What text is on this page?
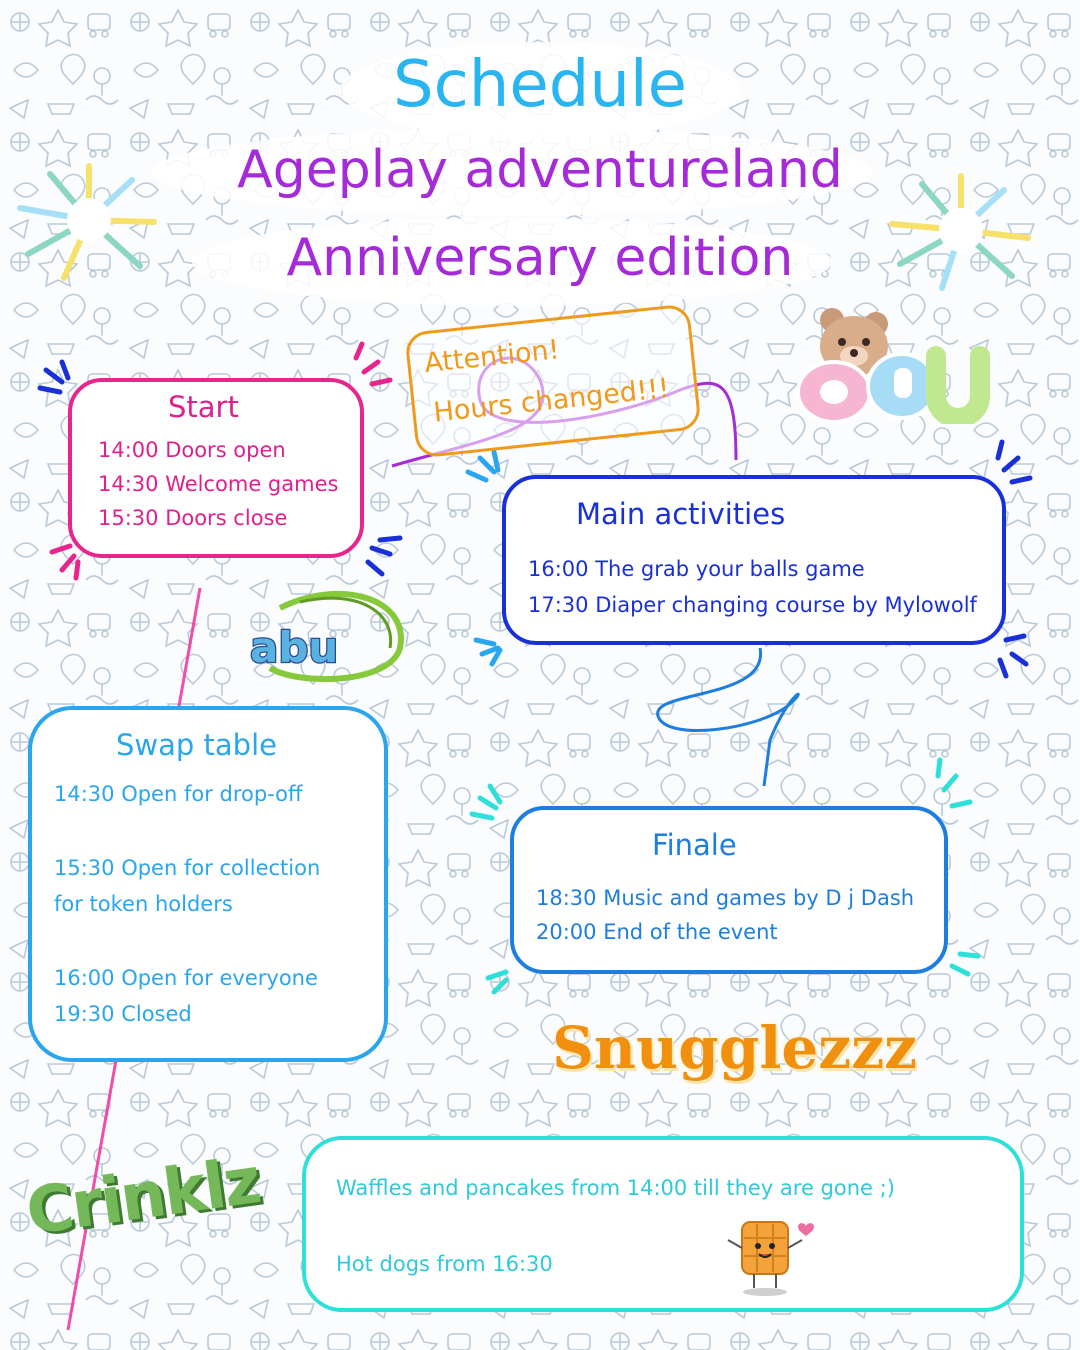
Schedule
Ageplay adventureland
Anniversary edition
Attention!
Hours changed!!!
ODU
abu
Start
14:00 Doors open
14:30 Welcome games
15:30 Doors close	Main activities
16:00 The grab your balls game
17:30 Diaper changing course by Mylowolf
Swap table
14:30 Open for drop-off
15:30 Open for collection
for token holders
16:00 Open for everyone
19:30 Closed
Finale
18:30 Music and games by D j Dash
20:00 End of the event
Snugglezzz
Waffles and pancakes from 14:00 till they are gone ;)
Hot dogs from 16:30
Crinklz
